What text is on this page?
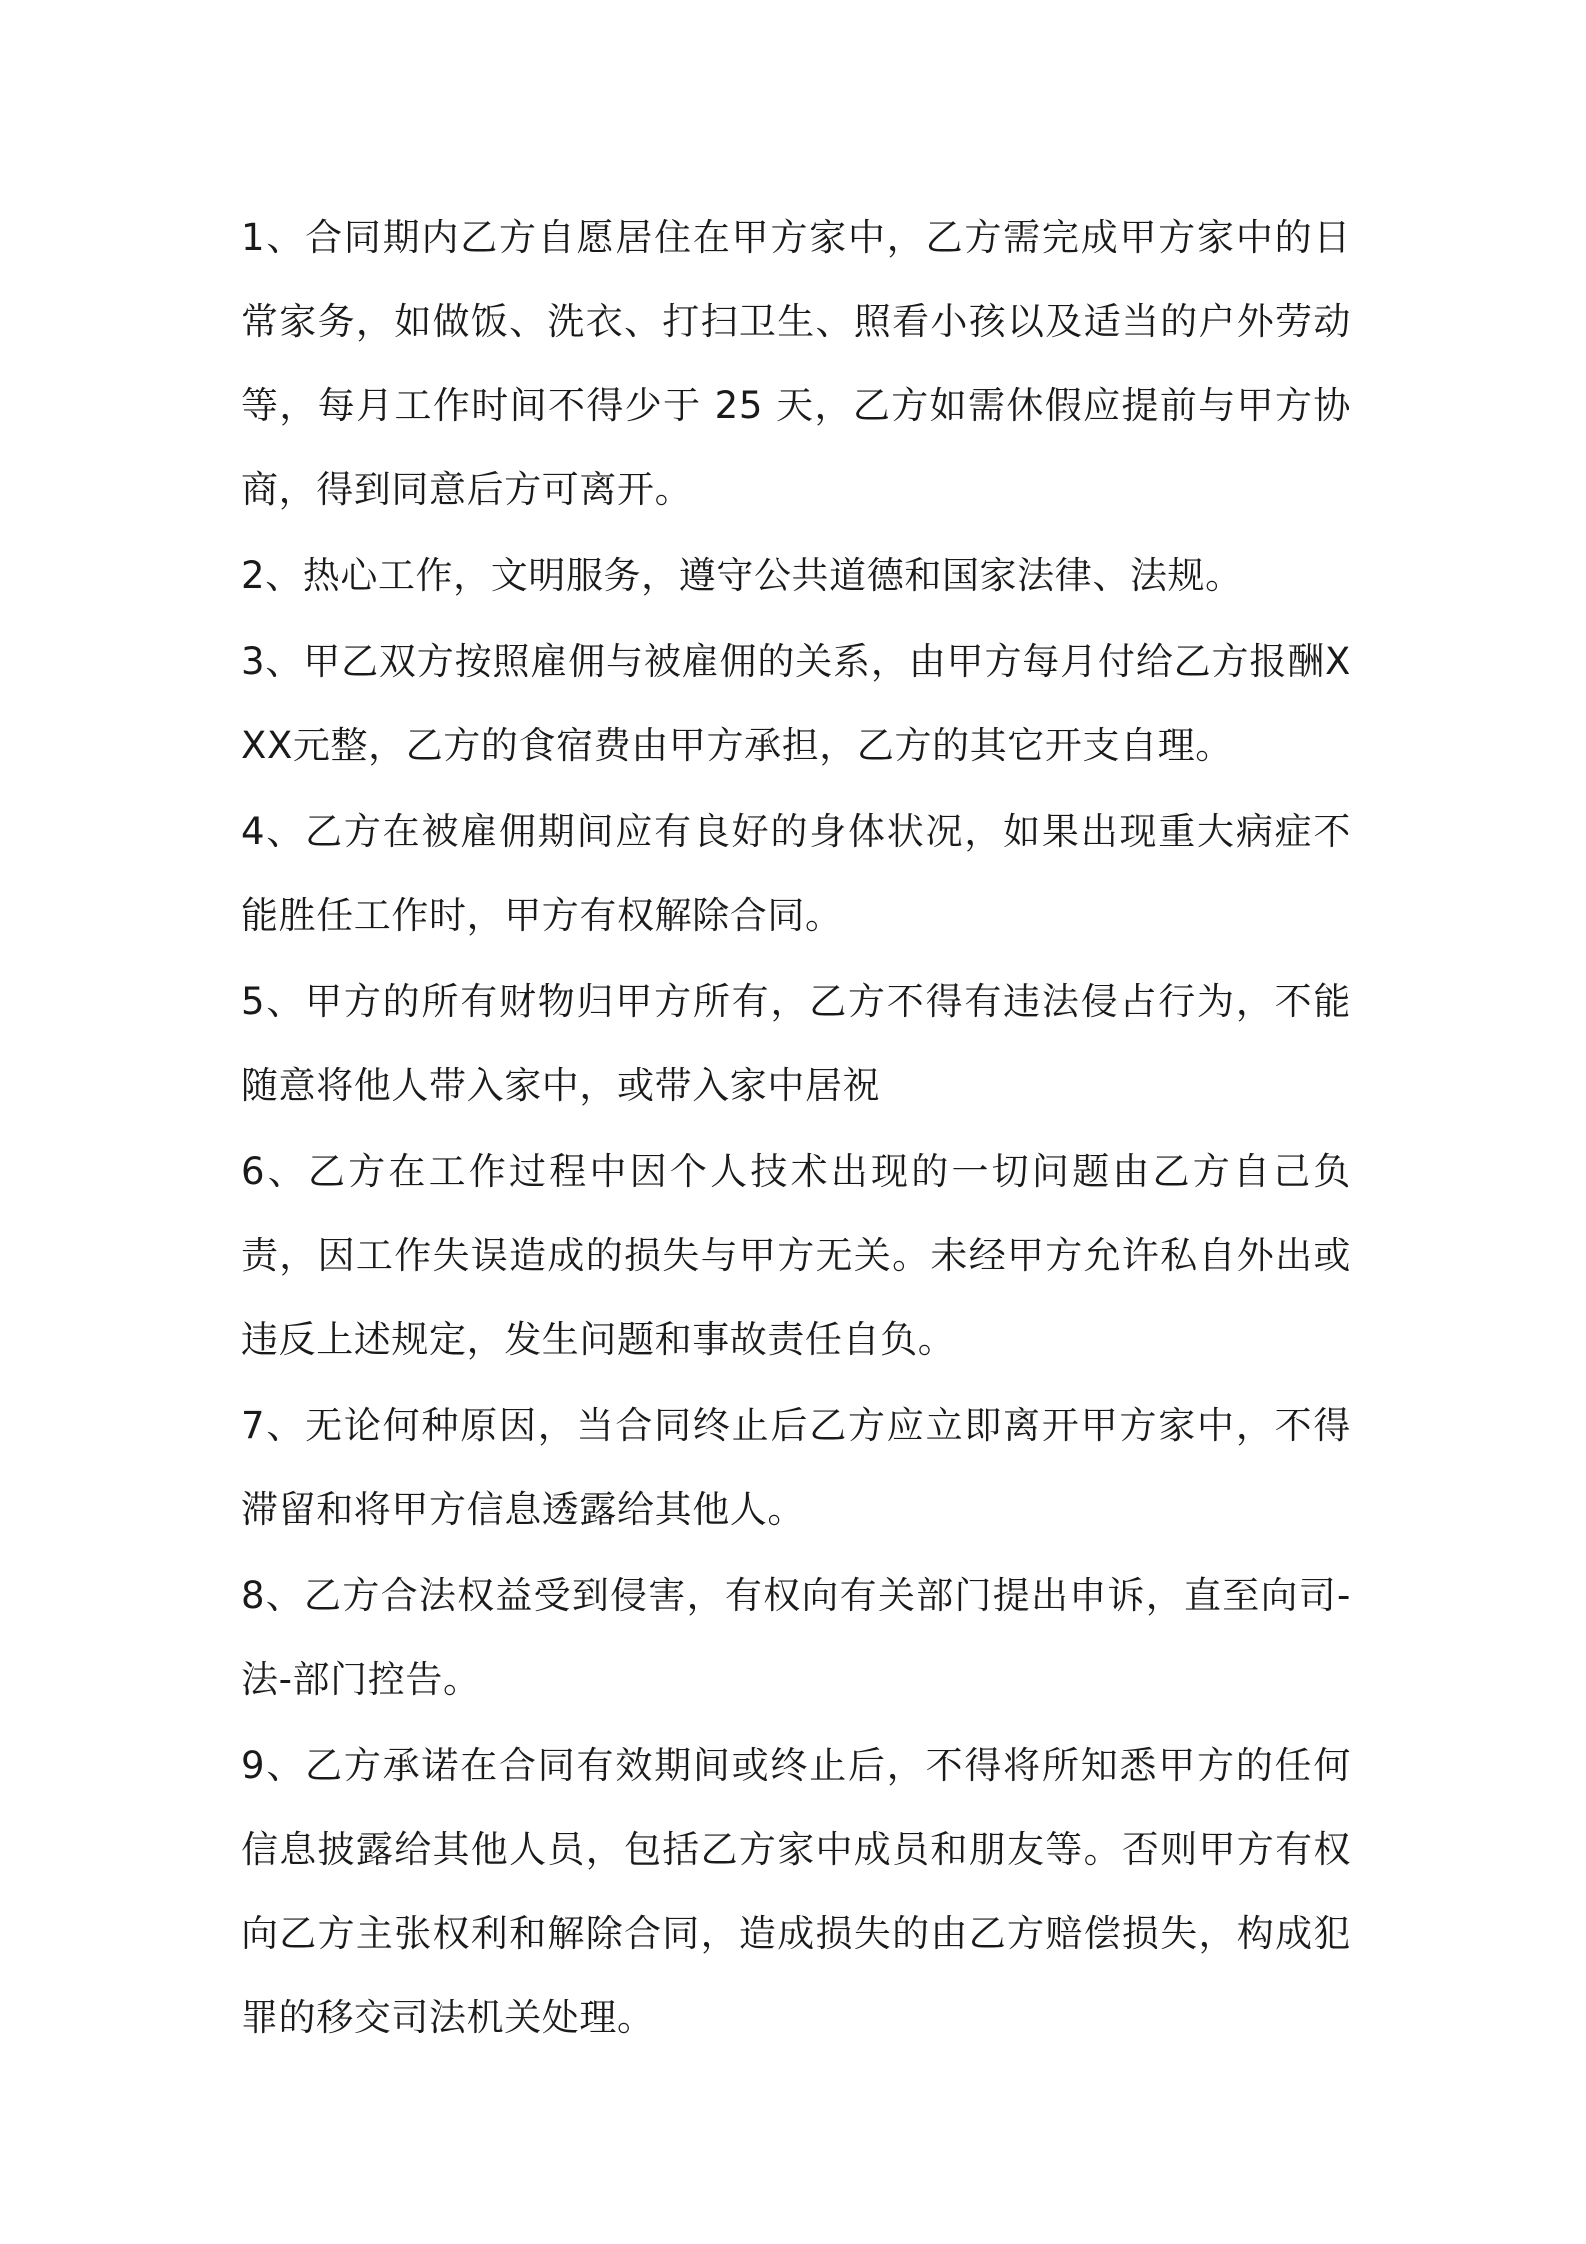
1、合同期内乙方自愿居住在甲方家中，乙方需完成甲方家中的日常家务，如做饭、洗衣、打扫卫生、照看小孩以及适当的户外劳动等，每月工作时间不得少于 25 天，乙方如需休假应提前与甲方协商，得到同意后方可离开。

2、热心工作，文明服务，遵守公共道德和国家法律、法规。

3、甲乙双方按照雇佣与被雇佣的关系，由甲方每月付给乙方报酬XXX元整，乙方的食宿费由甲方承担，乙方的其它开支自理。

4、乙方在被雇佣期间应有良好的身体状况，如果出现重大病症不能胜任工作时，甲方有权解除合同。

5、甲方的所有财物归甲方所有，乙方不得有违法侵占行为，不能随意将他人带入家中，或带入家中居祝

6、乙方在工作过程中因个人技术出现的一切问题由乙方自己负责，因工作失误造成的损失与甲方无关。未经甲方允许私自外出或违反上述规定，发生问题和事故责任自负。

7、无论何种原因，当合同终止后乙方应立即离开甲方家中，不得滞留和将甲方信息透露给其他人。

8、乙方合法权益受到侵害，有权向有关部门提出申诉，直至向司-法-部门控告。

9、乙方承诺在合同有效期间或终止后，不得将所知悉甲方的任何信息披露给其他人员，包括乙方家中成员和朋友等。否则甲方有权向乙方主张权利和解除合同，造成损失的由乙方赔偿损失，构成犯罪的移交司法机关处理。
